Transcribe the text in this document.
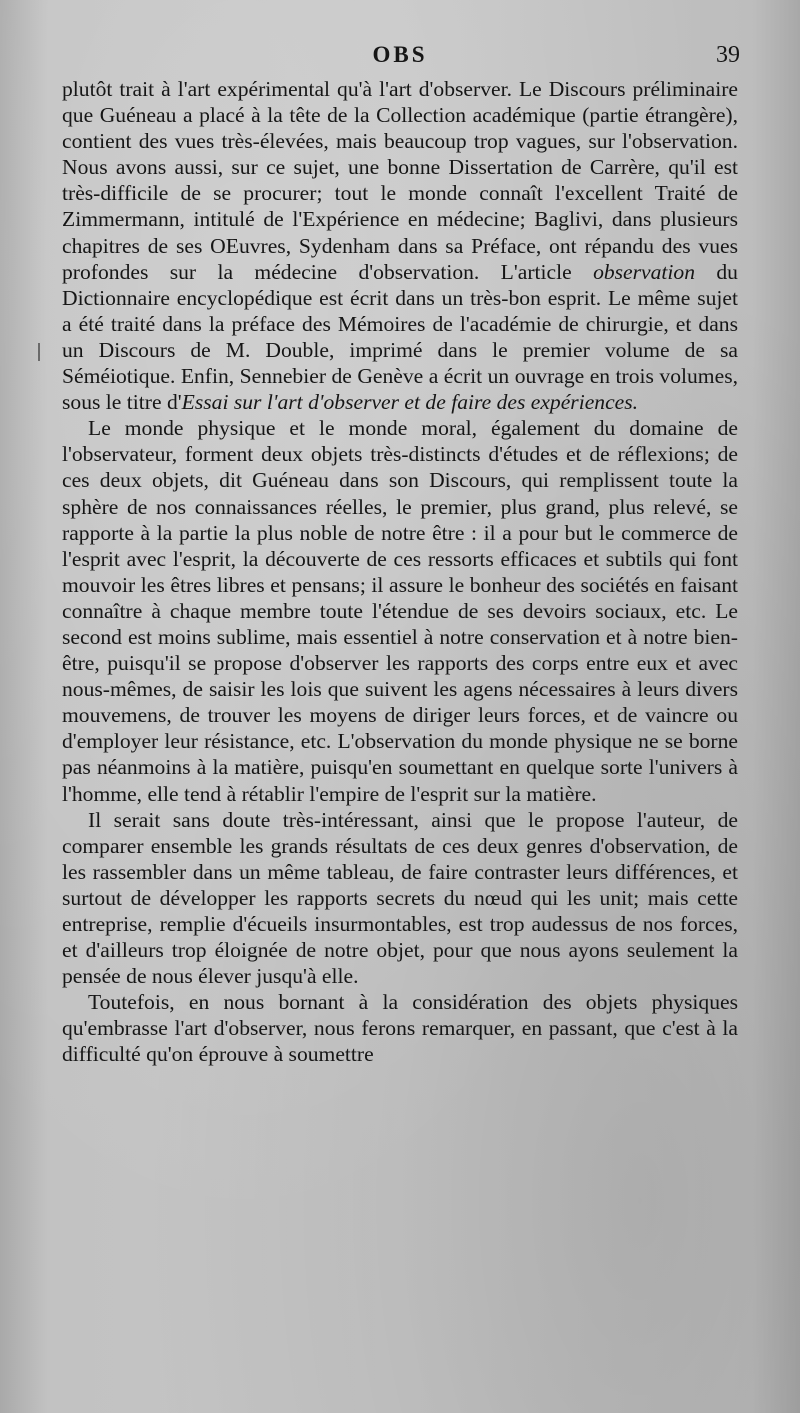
OBS	39

plutôt trait à l'art expérimental qu'à l'art d'observer. Le Discours préliminaire que Guéneau a placé à la tête de la Collection académique (partie étrangère), contient des vues très-élevées, mais beaucoup trop vagues, sur l'observation. Nous avons aussi, sur ce sujet, une bonne Dissertation de Carrère, qu'il est très-difficile de se procurer; tout le monde connaît l'excellent Traité de Zimmermann, intitulé de l'Expérience en médecine; Baglivi, dans plusieurs chapitres de ses OEuvres, Sydenham dans sa Préface, ont répandu des vues profondes sur la médecine d'observation. L'article observation du Dictionnaire encyclopédique est écrit dans un très-bon esprit. Le même sujet a été traité dans la préface des Mémoires de l'académie de chirurgie, et dans un Discours de M. Double, imprimé dans le premier volume de sa Séméiotique. Enfin, Sennebier de Genève a écrit un ouvrage en trois volumes, sous le titre d'Essai sur l'art d'observer et de faire des expériences.

Le monde physique et le monde moral, également du domaine de l'observateur, forment deux objets très-distincts d'études et de réflexions; de ces deux objets, dit Guéneau dans son Discours, qui remplissent toute la sphère de nos connaissances réelles, le premier, plus grand, plus relevé, se rapporte à la partie la plus noble de notre être : il a pour but le commerce de l'esprit avec l'esprit, la découverte de ces ressorts efficaces et subtils qui font mouvoir les êtres libres et pensans; il assure le bonheur des sociétés en faisant connaître à chaque membre toute l'étendue de ses devoirs sociaux, etc. Le second est moins sublime, mais essentiel à notre conservation et à notre bien-être, puisqu'il se propose d'observer les rapports des corps entre eux et avec nous-mêmes, de saisir les lois que suivent les agens nécessaires à leurs divers mouvemens, de trouver les moyens de diriger leurs forces, et de vaincre ou d'employer leur résistance, etc. L'observation du monde physique ne se borne pas néanmoins à la matière, puisqu'en soumettant en quelque sorte l'univers à l'homme, elle tend à rétablir l'empire de l'esprit sur la matière.

Il serait sans doute très-intéressant, ainsi que le propose l'auteur, de comparer ensemble les grands résultats de ces deux genres d'observation, de les rassembler dans un même tableau, de faire contraster leurs différences, et surtout de développer les rapports secrets du nœud qui les unit; mais cette entreprise, remplie d'écueils insurmontables, est trop audessus de nos forces, et d'ailleurs trop éloignée de notre objet, pour que nous ayons seulement la pensée de nous élever jusqu'à elle.

Toutefois, en nous bornant à la considération des objets physiques qu'embrasse l'art d'observer, nous ferons remarquer, en passant, que c'est à la difficulté qu'on éprouve à soumettre
